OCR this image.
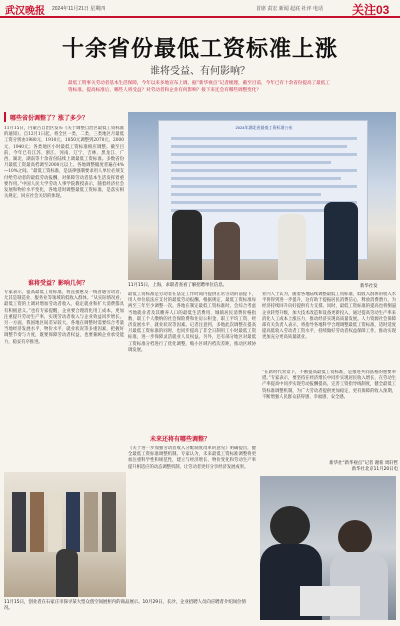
武汉晚报 2024年11月21日 星期四	首席 责宏 新闻 起底 社评 电话 关注03
十余省份最低工资标准上涨
谁将受益、有何影响？
最低工资事关劳动者基本生活保障，今年以来多地宣布上调。据“新华视点”记者梳理，截至目前，今年已有十余省份提高了最低工资标准。提高标准后，哪些人将受益？对劳动者和企业有何影响？接下来还会有哪些调整变化？
哪些省份调整了？涨了多少？
11月15日，内蒙古自治区发布《关于调整自治区最低工资标准的通知》，自12月1日起，将全区一类、二类、三类地区月最低工资分别由1980元、1910元、1850元调整到2070元、2000元、1940元；各类地区小时最低工资标准相应调整。截至目前，今年已有江苏、浙江、河南、辽宁、吉林、黑龙江、广西、湖北、湖南等十余省份陆续上调最低工资标准。多数省份月最低工资最高档调至2000元以上。各地调整幅度普遍在4%—10%之间。“最低工资标准，是法律强制要求用人单位必须支付给劳动者的最低劳动报酬，对保障劳动者基本生活发挥着重要作用。”中国人民大学劳动人事学院教授表示，随着经济社会发展和物价水平变化，各地适时调整最低工资标准，是落实相关规定、回应社会关切的体现。
谁将受益？影响几何？
专家表示，提高最低工资标准，将直接惠及一线普通劳动者，尤其是制造业、服务业等领域的低收入群体。“从实际情况看，最低工资的上调对增加劳动者收入、稳定就业和扩大消费都具有积极意义。”也有专家提醒，企业要合理消化用工成本，更加注重提升劳动生产率，实现劳动者收入与企业效益同步增长。另一方面，我国地区间差异较大，各地在调整时需要综合考量当地经济发展水平、物价水平、就业状况等多重因素，把握好调整节奏与力度，既要保障劳动者权益，也要兼顾企业承受能力，稳妥有序推进。
2024年湖北省最低工资标准公布
11月15日，上海，求职者查看了解招聘单位信息。	新华社发
最低工资标准是劳动者在法定工作时间内提供正常劳动的前提下，用人单位依法应支付的最低劳动报酬。根据规定，最低工资标准每两至三年至少调整一次。各地在制定最低工资标准时，会综合考虑当地就业者及其赡养人口的最低生活费用、城镇居民消费价格指数、职工个人缴纳的社会保险费和住房公积金、职工平均工资、经济发展水平、就业状况等因素。记者注意到，多地此次调整在提高月最低工资标准的同时，也同步提高了非全日制用工小时最低工资标准，进一步保障灵活就业人员权益。另外，还有部分地区对最低工资标准分档进行了优化调整，缩小区域内档次差距，推动区域协调发展。
未来还将有哪些调整？
《关于进一步加强劳动者收入分配制度改革的意见》明确提出，健全最低工资标准调整机制。专家认为，未来最低工资标准调整将更加注重科学性和规范性，建立与经济增长、物价变化和劳动生产率提升相适应的动态调整机制，让劳动者更好分享经济发展成果。
业内人士认为，随着各地陆续调整最低工资标准，低收入群体的收入水平将得到进一步提升，这有助于提振居民消费信心，释放消费潜力，为经济持续回升向好提供有力支撑。同时，最低工资标准的提高也将倒逼企业转型升级，加大技术改造和设备更新投入，通过提高劳动生产率来消化人工成本上涨压力，推动经济实现高质量发展。人力资源社会保障部有关负责人表示，将指导各地科学合理调整最低工资标准，适时适度提高低收入劳动者工资水平，持续做好劳动者权益保障工作，推动实现更加充分更高质量就业。
“在新时代背景下，不断提高最低工资标准，是推进共同富裕的重要举措。”专家表示，要坚持在经济增长中同步实现居民收入增长、在劳动生产率提高中同步实现劳动报酬提高，完善工资指导线制度，健全最低工资标准调整机制，为广大劳动者提供更加稳定、更有保障的收入预期，不断增强人民群众获得感、幸福感、安全感。
新华社“新华视点”记者 谢希 周轩哲
新华社北京11月20日电
11月15日，创业者在石家庄市探寻某大型众创空间展柜内的商品展示。10月29日，长沙，企业招聘人员向应聘者介绍岗位情况。
